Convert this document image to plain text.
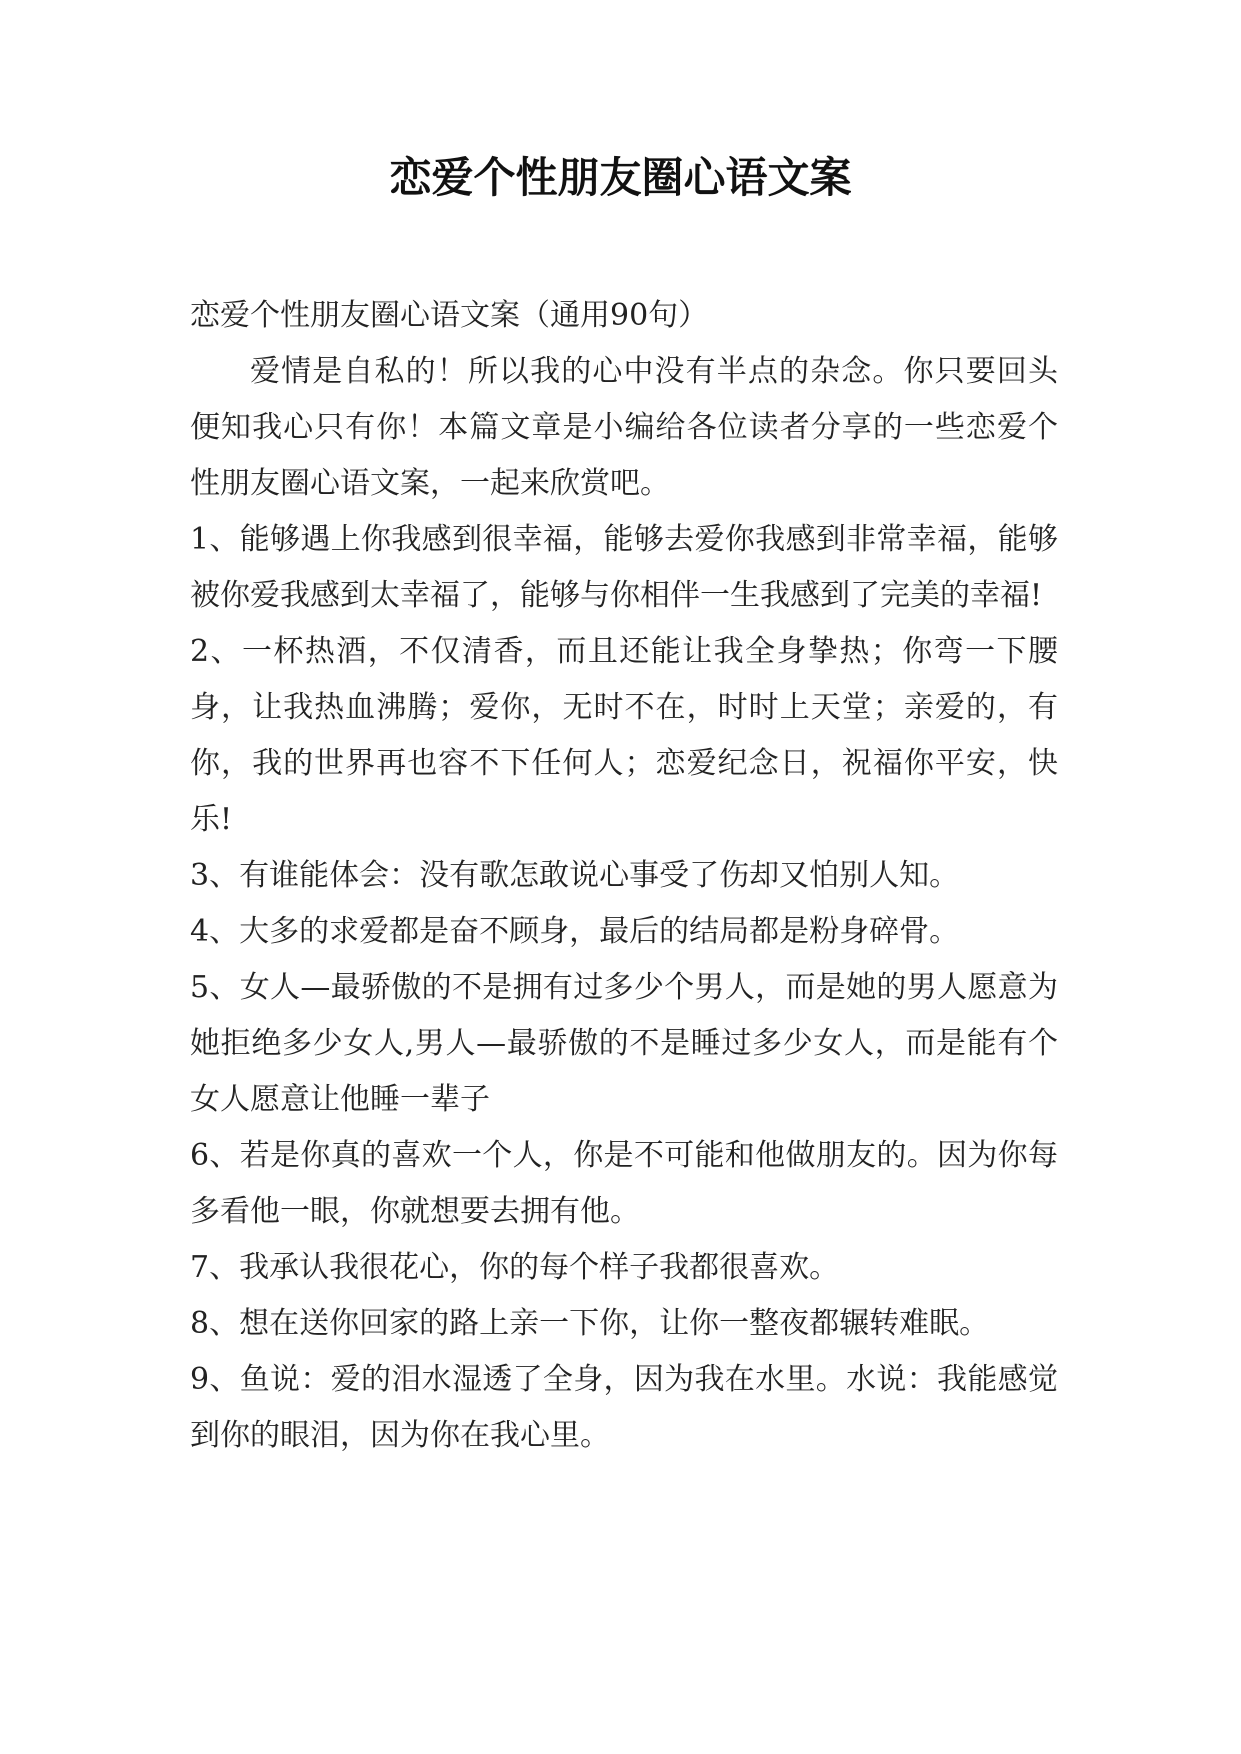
恋爱个性朋友圈心语文案

恋爱个性朋友圈心语文案（通用90句）

爱情是自私的！所以我的心中没有半点的杂念。你只要回头便知我心只有你！本篇文章是小编给各位读者分享的一些恋爱个性朋友圈心语文案，一起来欣赏吧。

1、能够遇上你我感到很幸福，能够去爱你我感到非常幸福，能够被你爱我感到太幸福了，能够与你相伴一生我感到了完美的幸福!

2、一杯热酒，不仅清香，而且还能让我全身挚热；你弯一下腰身，让我热血沸腾；爱你，无时不在，时时上天堂；亲爱的，有你，我的世界再也容不下任何人；恋爱纪念日，祝福你平安，快乐!

3、有谁能体会：没有歌怎敢说心事受了伤却又怕别人知。

4、大多的求爱都是奋不顾身，最后的结局都是粉身碎骨。

5、女人—最骄傲的不是拥有过多少个男人，而是她的男人愿意为她拒绝多少女人,男人—最骄傲的不是睡过多少女人，而是能有个女人愿意让他睡一辈子

6、若是你真的喜欢一个人，你是不可能和他做朋友的。因为你每多看他一眼，你就想要去拥有他。

7、我承认我很花心，你的每个样子我都很喜欢。

8、想在送你回家的路上亲一下你，让你一整夜都辗转难眠。

9、鱼说：爱的泪水湿透了全身，因为我在水里。水说：我能感觉到你的眼泪，因为你在我心里。
